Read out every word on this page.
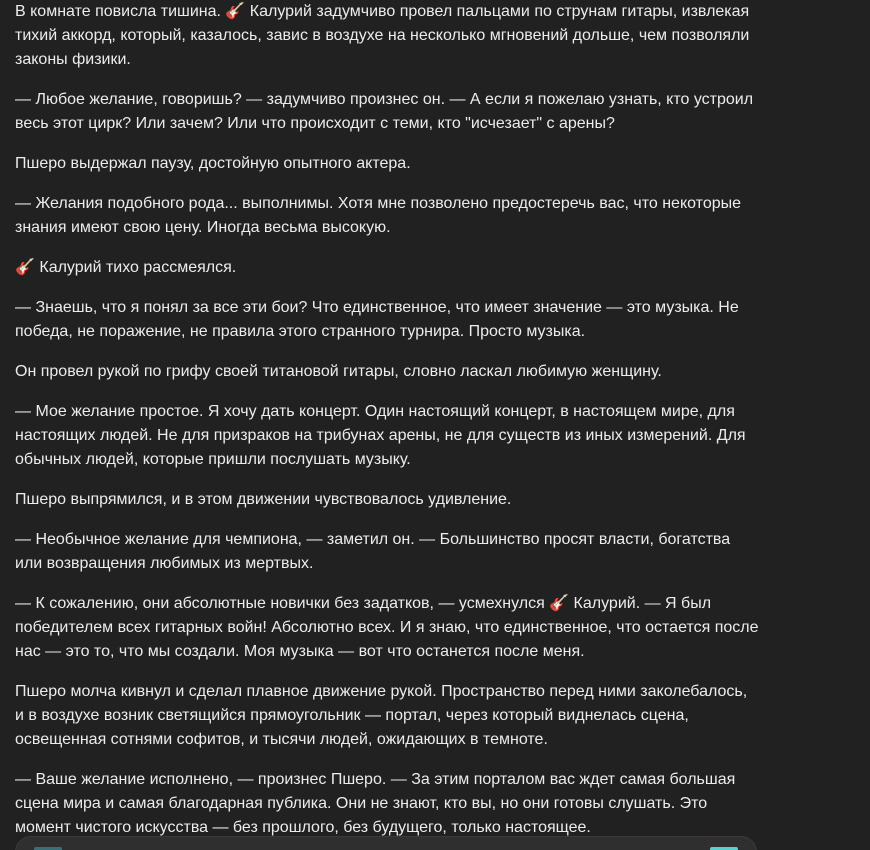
В комнате повисла тишина. 🎸 Калурий задумчиво провел пальцами по струнам гитары, извлекая тихий аккорд, который, казалось, завис в воздухе на несколько мгновений дольше, чем позволяли законы физики.

— Любое желание, говоришь? — задумчиво произнес он. — А если я пожелаю узнать, кто устроил весь этот цирк? Или зачем? Или что происходит с теми, кто "исчезает" с арены?

Пшеро выдержал паузу, достойную опытного актера.

— Желания подобного рода... выполнимы. Хотя мне позволено предостеречь вас, что некоторые знания имеют свою цену. Иногда весьма высокую.

🎸 Калурий тихо рассмеялся.

— Знаешь, что я понял за все эти бои? Что единственное, что имеет значение — это музыка. Не победа, не поражение, не правила этого странного турнира. Просто музыка.

Он провел рукой по грифу своей титановой гитары, словно ласкал любимую женщину.

— Мое желание простое. Я хочу дать концерт. Один настоящий концерт, в настоящем мире, для настоящих людей. Не для призраков на трибунах арены, не для существ из иных измерений. Для обычных людей, которые пришли послушать музыку.

Пшеро выпрямился, и в этом движении чувствовалось удивление.

— Необычное желание для чемпиона, — заметил он. — Большинство просят власти, богатства или возвращения любимых из мертвых.

— К сожалению, они абсолютные новички без задатков, — усмехнулся 🎸 Калурий. — Я был победителем всех гитарных войн! Абсолютно всех. И я знаю, что единственное, что остается после нас — это то, что мы создали. Моя музыка — вот что останется после меня.

Пшеро молча кивнул и сделал плавное движение рукой. Пространство перед ними заколебалось, и в воздухе возник светящийся прямоугольник — портал, через который виднелась сцена, освещенная сотнями софитов, и тысячи людей, ожидающих в темноте.

— Ваше желание исполнено, — произнес Пшеро. — За этим порталом вас ждет самая большая сцена мира и самая благодарная публика. Они не знают, кто вы, но они готовы слушать. Это момент чистого искусства — без прошлого, без будущего, только настоящее.
